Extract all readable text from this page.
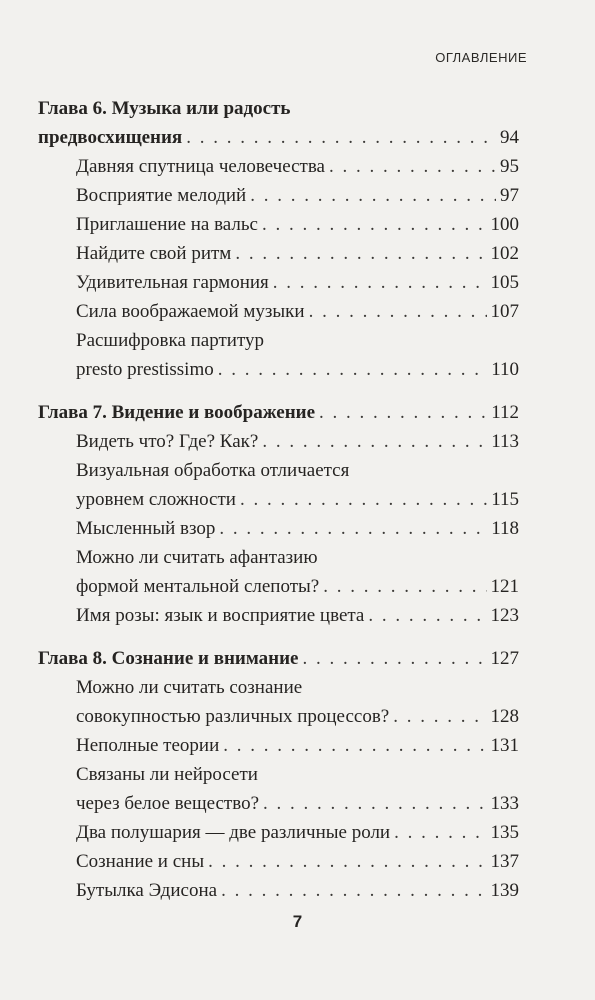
ОГЛАВЛЕНИЕ
Глава 6. Музыка или радость
предвосхищения . . .	94
Давняя спутница человечества . . .	95
Восприятие мелодий . . .	97
Приглашение на вальс . . .	100
Найдите свой ритм . . .	102
Удивительная гармония . . .	105
Сила воображаемой музыки . . .	107
Расшифровка партитур
presto prestissimo . . .	110
Глава 7. Видение и воображение . . .	112
Видеть что? Где? Как? . . .	113
Визуальная обработка отличается
уровнем сложности . . .	115
Мысленный взор . . .	118
Можно ли считать афантазию
формой ментальной слепоты? . . .	121
Имя розы: язык и восприятие цвета . . .	123
Глава 8. Сознание и внимание . . .	127
Можно ли считать сознание
совокупностью различных процессов? . . .	128
Неполные теории . . .	131
Связаны ли нейросети
через белое вещество? . . .	133
Два полушария — две различные роли . . .	135
Сознание и сны . . .	137
Бутылка Эдисона . . .	139
7
